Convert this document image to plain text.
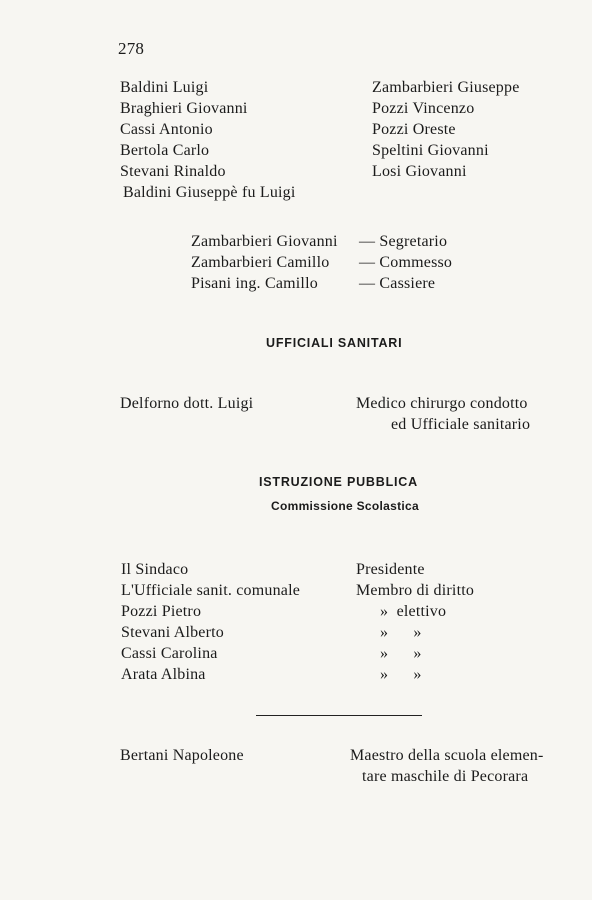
278
Baldini Luigi
Braghieri Giovanni
Cassi Antonio
Bertola Carlo
Stevani Rinaldo
Baldini Giuseppè fu Luigi
Zambarbieri Giuseppe
Pozzi Vincenzo
Pozzi Oreste
Speltini Giovanni
Losi Giovanni
Zambarbieri Giovanni
Zambarbieri Camillo
Pisani ing. Camillo
— Segretario
— Commesso
— Cassiere
UFFICIALI SANITARI
Delforno dott. Luigi	Medico chirurgo condotto
ed Ufficiale sanitario
ISTRUZIONE PUBBLICA
Commissione Scolastica
Il Sindaco
L'Ufficiale sanit. comunale
Pozzi Pietro
Stevani Alberto
Cassi Carolina
Arata Albina
Presidente
Membro di diritto
»  elettivo
»      »
»      »
»      »
Bertani Napoleone	Maestro della scuola elemen-
tare maschile di Pecorara
